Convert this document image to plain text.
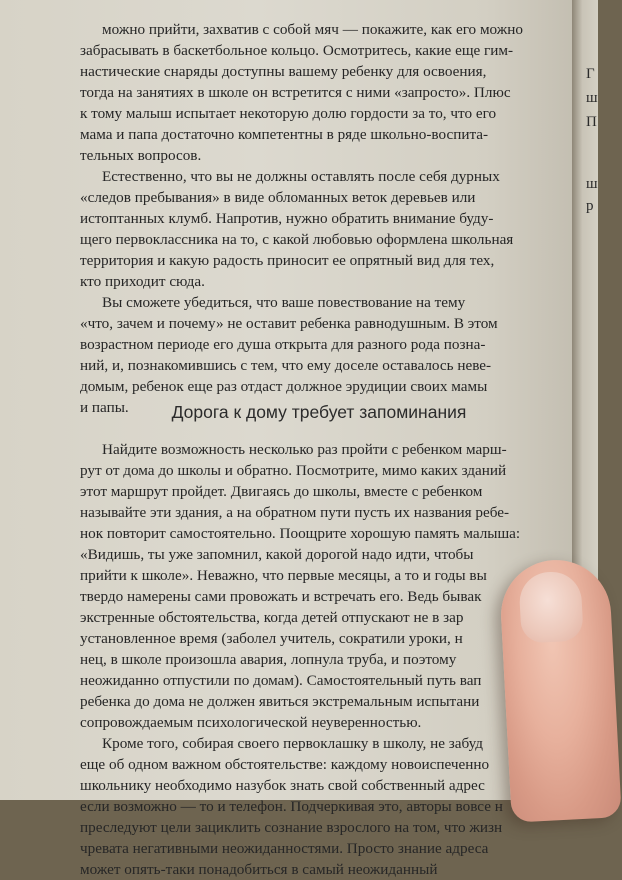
можно прийти, захватив с собой мяч — покажите, как его можно
забрасывать в баскетбольное кольцо. Осмотритесь, какие еще гим-
настические снаряды доступны вашему ребенку для освоения,
тогда на занятиях в школе он встретится с ними «запросто». Плюс
к тому малыш испытает некоторую долю гордости за то, что его
мама и папа достаточно компетентны в ряде школьно-воспита-
тельных вопросов.
Естественно, что вы не должны оставлять после себя дурных
«следов пребывания» в виде обломанных веток деревьев или
истоптанных клумб. Напротив, нужно обратить внимание буду-
щего первоклассника на то, с какой любовью оформлена школьная
территория и какую радость приносит ее опрятный вид для тех,
кто приходит сюда.
Вы сможете убедиться, что ваше повествование на тему
«что, зачем и почему» не оставит ребенка равнодушным. В этом
возрастном периоде его душа открыта для разного рода позна-
ний, и, познакомившись с тем, что ему доселе оставалось неве-
домым, ребенок еще раз отдаст должное эрудиции своих мамы
и папы.	Дорога к дому требует запоминания
Найдите возможность несколько раз пройти с ребенком марш-
рут от дома до школы и обратно. Посмотрите, мимо каких зданий
этот маршрут пройдет. Двигаясь до школы, вместе с ребенком
называйте эти здания, а на обратном пути пусть их названия ребе-
нок повторит самостоятельно. Поощрите хорошую память малыша:
«Видишь, ты уже запомнил, какой дорогой надо идти, чтобы
прийти к школе». Неважно, что первые месяцы, а то и годы вы
твердо намерены сами провожать и встречать его. Ведь бывак
экстренные обстоятельства, когда детей отпускают не в зар
установленное время (заболел учитель, сократили уроки, н
нец, в школе произошла авария, лопнула труба, и поэтому
неожиданно отпустили по домам). Самостоятельный путь вап
ребенка до дома не должен явиться экстремальным испытани
сопровождаемым психологической неуверенностью.
Кроме того, собирая своего первоклашку в школу, не забуд
еще об одном важном обстоятельстве: каждому новоиспеченно
школьнику необходимо назубок знать свой собственный адрес
если возможно — то и телефон. Подчеркивая это, авторы вовсе н
преследуют цели зациклить сознание взрослого на том, что жизн
чревата негативными неожиданностями. Просто знание адреса
может опять-таки понадобиться в самый неожиданный
Г
ш
П
ш
р
